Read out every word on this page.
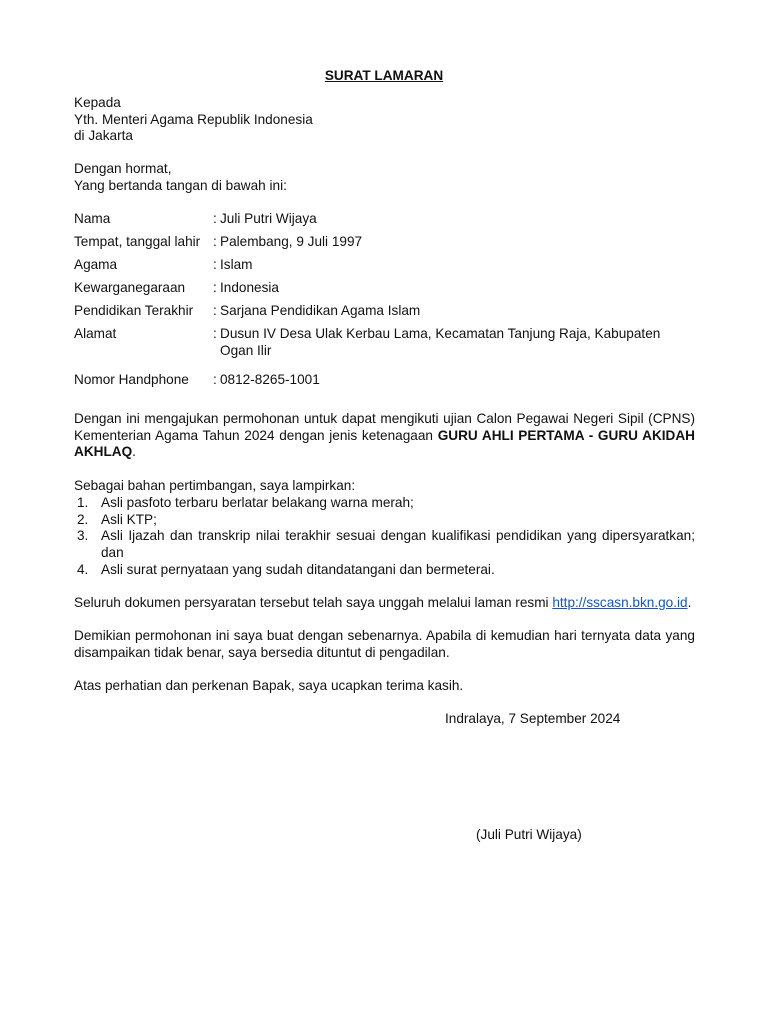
SURAT LAMARAN
Kepada
Yth. Menteri Agama Republik Indonesia
di Jakarta
Dengan hormat,
Yang bertanda tangan di bawah ini:
Nama	: Juli Putri Wijaya
Tempat, tanggal lahir : Palembang, 9 Juli 1997
Agama	: Islam
Kewarganegaraan : Indonesia
Pendidikan Terakhir : Sarjana Pendidikan Agama Islam
Alamat	: Dusun IV Desa Ulak Kerbau Lama, Kecamatan Tanjung Raja, Kabupaten Ogan Ilir
Nomor Handphone : 0812-8265-1001
Dengan ini mengajukan permohonan untuk dapat mengikuti ujian Calon Pegawai Negeri Sipil (CPNS) Kementerian Agama Tahun 2024 dengan jenis ketenagaan GURU AHLI PERTAMA - GURU AKIDAH AKHLAQ.
Sebagai bahan pertimbangan, saya lampirkan:
1. Asli pasfoto terbaru berlatar belakang warna merah;
2. Asli KTP;
3. Asli Ijazah dan transkrip nilai terakhir sesuai dengan kualifikasi pendidikan yang dipersyaratkan; dan
4. Asli surat pernyataan yang sudah ditandatangani dan bermeterai.
Seluruh dokumen persyaratan tersebut telah saya unggah melalui laman resmi http://sscasn.bkn.go.id.
Demikian permohonan ini saya buat dengan sebenarnya. Apabila di kemudian hari ternyata data yang disampaikan tidak benar, saya bersedia dituntut di pengadilan.
Atas perhatian dan perkenan Bapak, saya ucapkan terima kasih.
Indralaya, 7 September 2024
(Juli Putri Wijaya)
